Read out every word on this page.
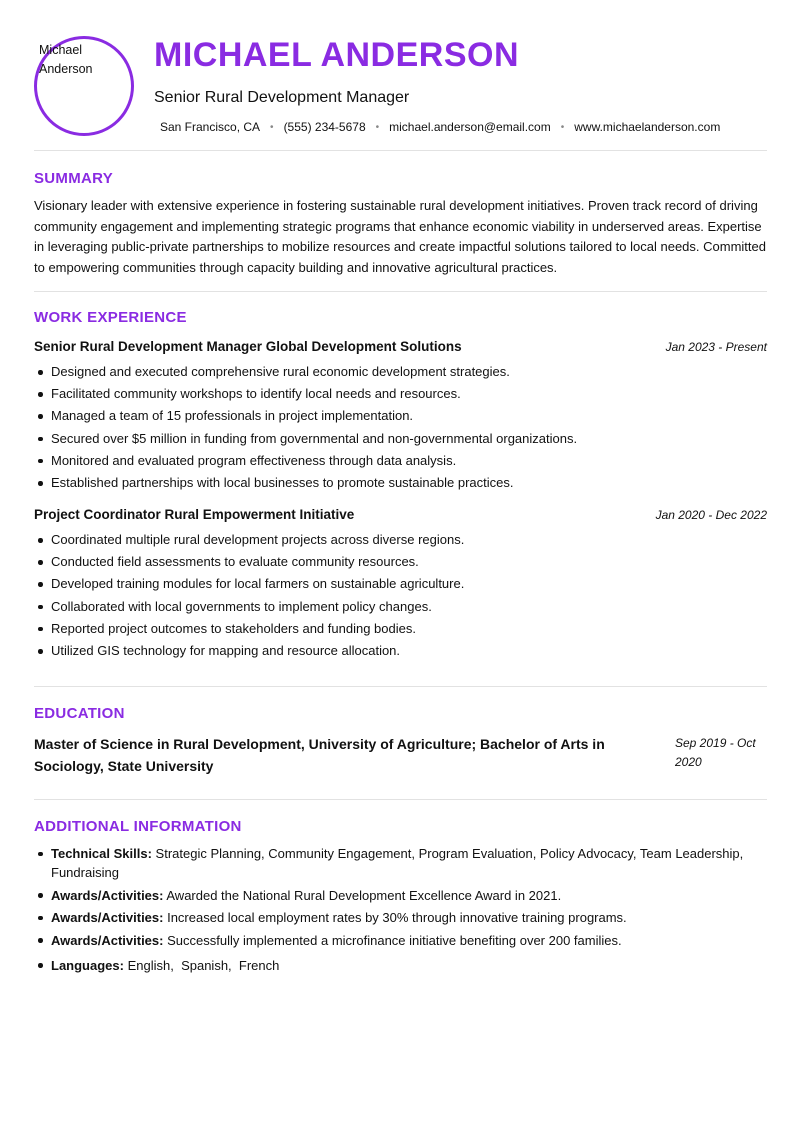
Michael Anderson	MICHAEL ANDERSON
Senior Rural Development Manager
San Francisco, CA • (555) 234-5678 • michael.anderson@email.com • www.michaelanderson.com
SUMMARY
Visionary leader with extensive experience in fostering sustainable rural development initiatives. Proven track record of driving community engagement and implementing strategic programs that enhance economic viability in underserved areas. Expertise in leveraging public-private partnerships to mobilize resources and create impactful solutions tailored to local needs. Committed to empowering communities through capacity building and innovative agricultural practices.
WORK EXPERIENCE
Senior Rural Development Manager Global Development Solutions	Jan 2023 - Present
Designed and executed comprehensive rural economic development strategies.
Facilitated community workshops to identify local needs and resources.
Managed a team of 15 professionals in project implementation.
Secured over $5 million in funding from governmental and non-governmental organizations.
Monitored and evaluated program effectiveness through data analysis.
Established partnerships with local businesses to promote sustainable practices.
Project Coordinator Rural Empowerment Initiative	Jan 2020 - Dec 2022
Coordinated multiple rural development projects across diverse regions.
Conducted field assessments to evaluate community resources.
Developed training modules for local farmers on sustainable agriculture.
Collaborated with local governments to implement policy changes.
Reported project outcomes to stakeholders and funding bodies.
Utilized GIS technology for mapping and resource allocation.
EDUCATION
Master of Science in Rural Development, University of Agriculture; Bachelor of Arts in Sociology, State University
Sep 2019 - Oct 2020
ADDITIONAL INFORMATION
Technical Skills: Strategic Planning, Community Engagement, Program Evaluation, Policy Advocacy, Team Leadership, Fundraising
Awards/Activities: Awarded the National Rural Development Excellence Award in 2021.
Awards/Activities: Increased local employment rates by 30% through innovative training programs.
Awards/Activities: Successfully implemented a microfinance initiative benefiting over 200 families.
Languages: English,  Spanish,  French
